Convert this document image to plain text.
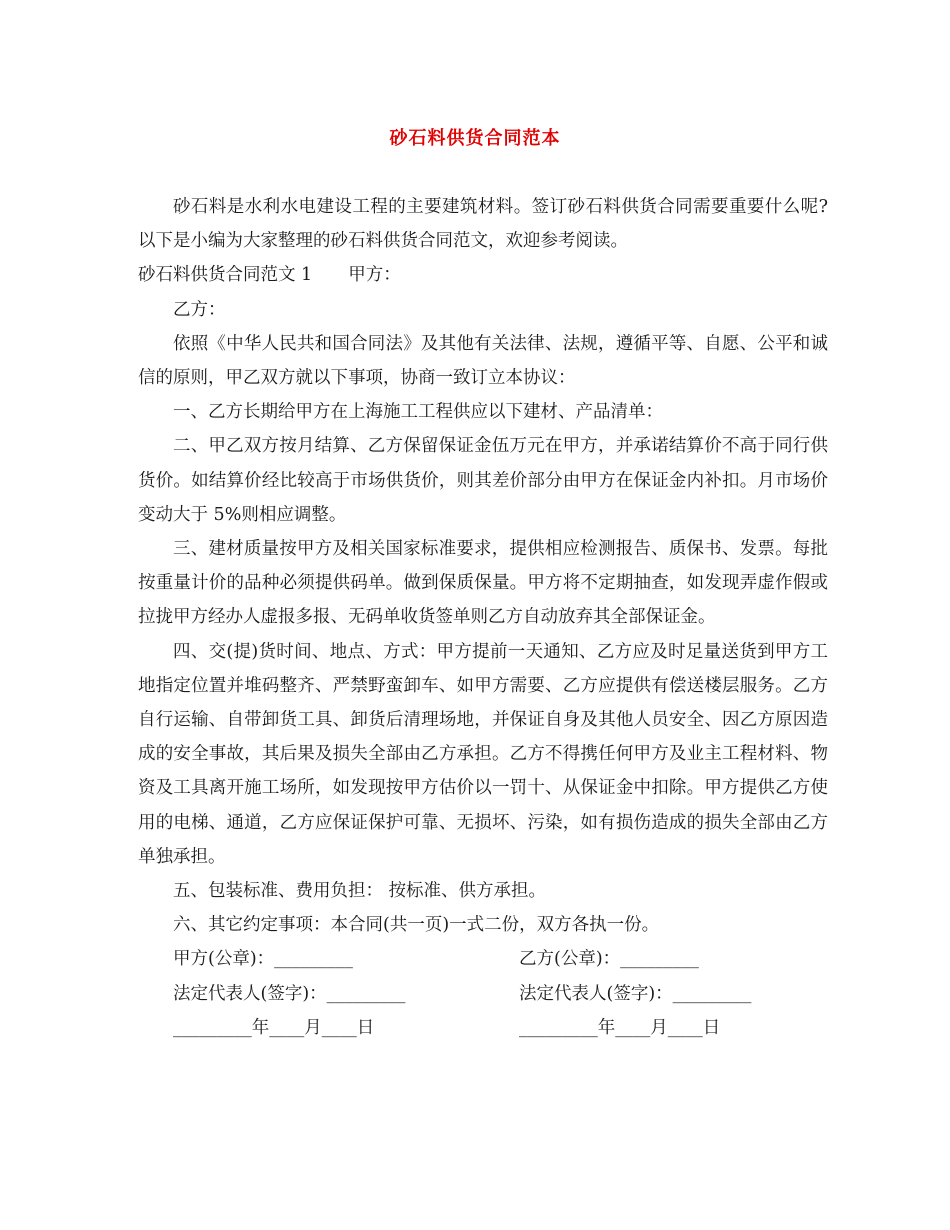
砂石料供货合同范本

砂石料是水利水电建设工程的主要建筑材料。签订砂石料供货合同需要重要什么呢?以下是小编为大家整理的砂石料供货合同范文，欢迎参考阅读。

砂石料供货合同范文 1 甲方：

乙方：

依照《中华人民共和国合同法》及其他有关法律、法规，遵循平等、自愿、公平和诚信的原则，甲乙双方就以下事项，协商一致订立本协议：

一、乙方长期给甲方在上海施工工程供应以下建材、产品清单：

二、甲乙双方按月结算、乙方保留保证金伍万元在甲方，并承诺结算价不高于同行供货价。如结算价经比较高于市场供货价，则其差价部分由甲方在保证金内补扣。月市场价变动大于 5%则相应调整。

三、建材质量按甲方及相关国家标准要求，提供相应检测报告、质保书、发票。每批按重量计价的品种必须提供码单。做到保质保量。甲方将不定期抽查，如发现弄虚作假或拉拢甲方经办人虚报多报、无码单收货签单则乙方自动放弃其全部保证金。

四、交(提)货时间、地点、方式：甲方提前一天通知、乙方应及时足量送货到甲方工地指定位置并堆码整齐、严禁野蛮卸车、如甲方需要、乙方应提供有偿送楼层服务。乙方自行运输、自带卸货工具、卸货后清理场地，并保证自身及其他人员安全、因乙方原因造成的安全事故，其后果及损失全部由乙方承担。乙方不得携任何甲方及业主工程材料、物资及工具离开施工场所，如发现按甲方估价以一罚十、从保证金中扣除。甲方提供乙方使用的电梯、通道，乙方应保证保护可靠、无损坏、污染，如有损伤造成的损失全部由乙方单独承担。

五、包装标准、费用负担： 按标准、供方承担。

六、其它约定事项：本合同(共一页)一式二份，双方各执一份。

甲方(公章)：_________	乙方(公章)：_________
法定代表人(签字)：_________	法定代表人(签字)：_________
_________年____月____日	_________年____月____日
